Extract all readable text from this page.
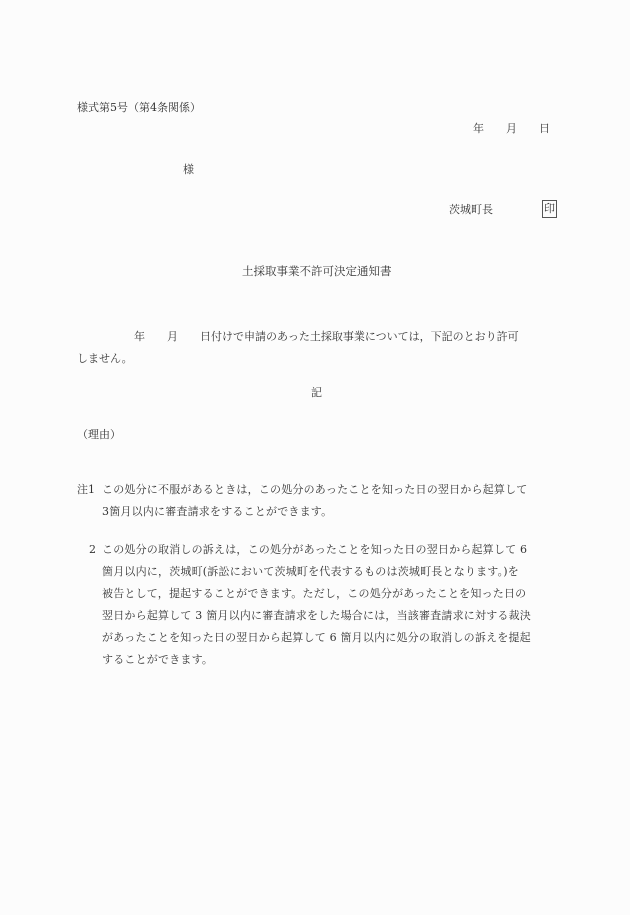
様式第5号（第4条関係）
年 月 日
様
茨城町長	印
土採取事業不許可決定通知書
年 月 日付けで申請のあった土採取事業については，下記のとおり許可
しません。
記
（理由）
注1 この処分に不服があるときは，この処分のあったことを知った日の翌日から起算して
3箇月以内に審査請求をすることができます。
2 この処分の取消しの訴えは，この処分があったことを知った日の翌日から起算して 6
箇月以内に，茨城町(訴訟において茨城町を代表するものは茨城町長となります。)を
被告として，提起することができます。ただし，この処分があったことを知った日の
翌日から起算して 3 箇月以内に審査請求をした場合には，当該審査請求に対する裁決
があったことを知った日の翌日から起算して 6 箇月以内に処分の取消しの訴えを提起
することができます。
